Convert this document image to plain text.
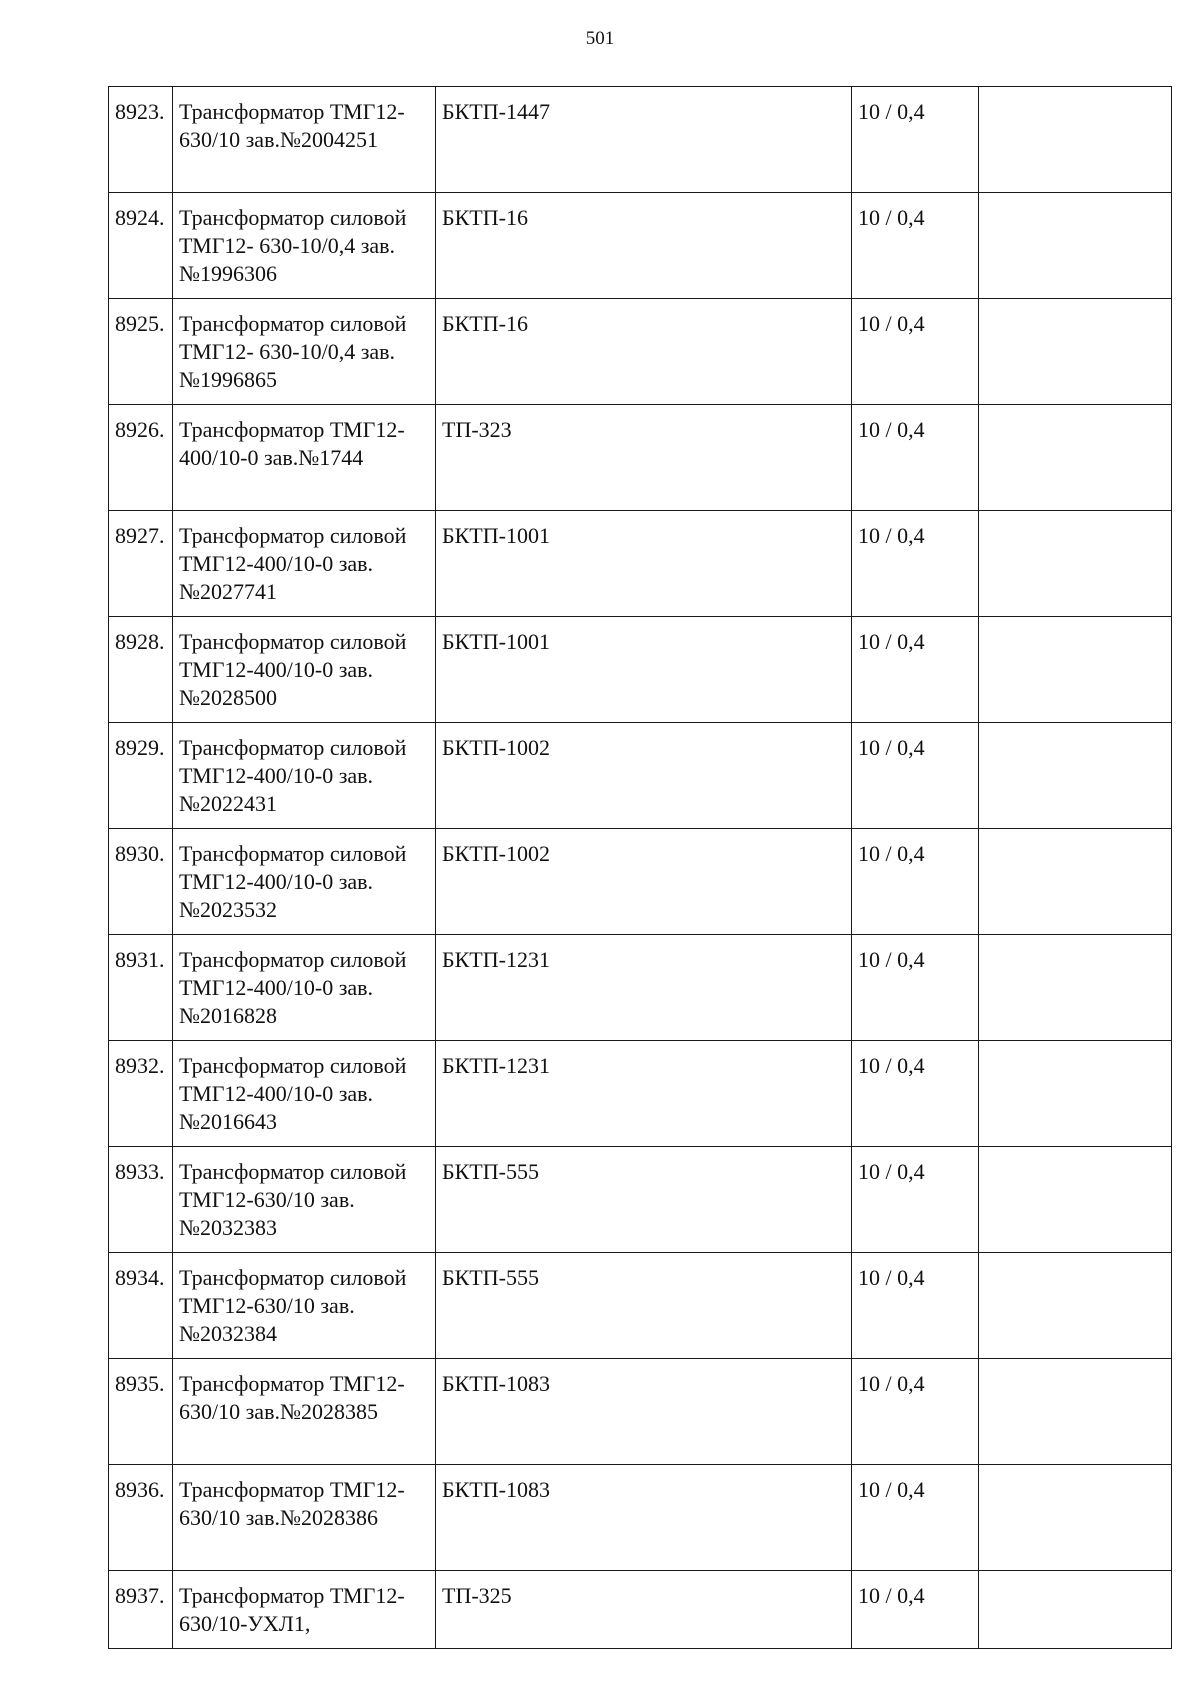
501
8923.	Трансформатор ТМГ12-630/10 зав.№2004251	БКТП-1447	10 / 0,4	
8924.	Трансформатор силовой ТМГ12- 630-10/0,4 зав.№1996306	БКТП-16	10 / 0,4	
8925.	Трансформатор силовой ТМГ12- 630-10/0,4 зав.№1996865	БКТП-16	10 / 0,4	
8926.	Трансформатор ТМГ12-400/10-0 зав.№1744	ТП-323	10 / 0,4	
8927.	Трансформатор силовой ТМГ12-400/10-0 зав. №2027741	БКТП-1001	10 / 0,4	
8928.	Трансформатор силовой ТМГ12-400/10-0 зав. №2028500	БКТП-1001	10 / 0,4	
8929.	Трансформатор силовой ТМГ12-400/10-0 зав. №2022431	БКТП-1002	10 / 0,4	
8930.	Трансформатор силовой ТМГ12-400/10-0 зав. №2023532	БКТП-1002	10 / 0,4	
8931.	Трансформатор силовой ТМГ12-400/10-0 зав. №2016828	БКТП-1231	10 / 0,4	
8932.	Трансформатор силовой ТМГ12-400/10-0 зав. №2016643	БКТП-1231	10 / 0,4	
8933.	Трансформатор силовой ТМГ12-630/10 зав. №2032383	БКТП-555	10 / 0,4	
8934.	Трансформатор силовой ТМГ12-630/10 зав. №2032384	БКТП-555	10 / 0,4	
8935.	Трансформатор ТМГ12-630/10 зав.№2028385	БКТП-1083	10 / 0,4	
8936.	Трансформатор ТМГ12-630/10 зав.№2028386	БКТП-1083	10 / 0,4	
8937.	Трансформатор ТМГ12-630/10-УХЛ1,	ТП-325	10 / 0,4	
